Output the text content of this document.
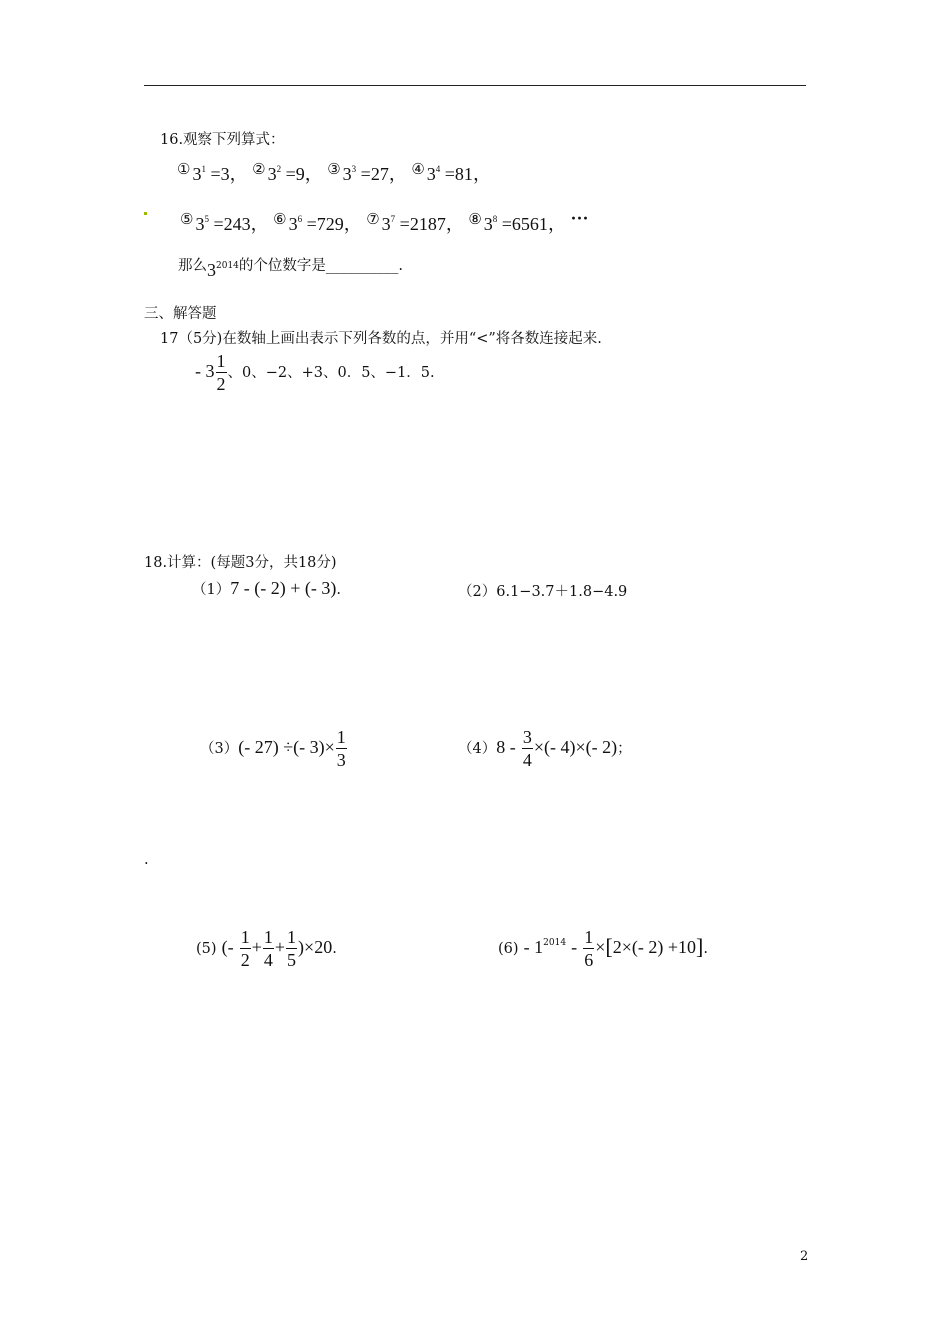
16.观察下列算式：
① $3^1 =3$， ② $3^2 =9$， ③ $3^3 =27$， ④ $3^4 =81$，
⑤ $3^5 =243$， ⑥ $3^6 =729$， ⑦ $3^7 =2187$， ⑧ $3^8 =6561$， ···
那么$3^{2014}$的个位数字是__________.
三、解答题
17（5分)在数轴上画出表示下列各数的点，并用“<”将各数连接起来.
- $3 \frac{1}{2}$ 、0、−2、+3、0．5、−1．5.
18.计算：(每题3分，共18分)
（1）7 - (- 2) + (- 3).	（2）6.1−3.7＋1.8−4.9
（3）(- 27) ÷(- $3)\times \frac{1}{3}$	$(4)8 - \frac{3}{4}$ ×(- 4)×(- 2)；
.
(5) (- $\frac{1}{2} + \frac{1}{4} + \frac{1}{5} )\times 20$.	$(6) - 1^{2014} - \frac{1}{6} \times[2\times(-$ 2) +10].
2
